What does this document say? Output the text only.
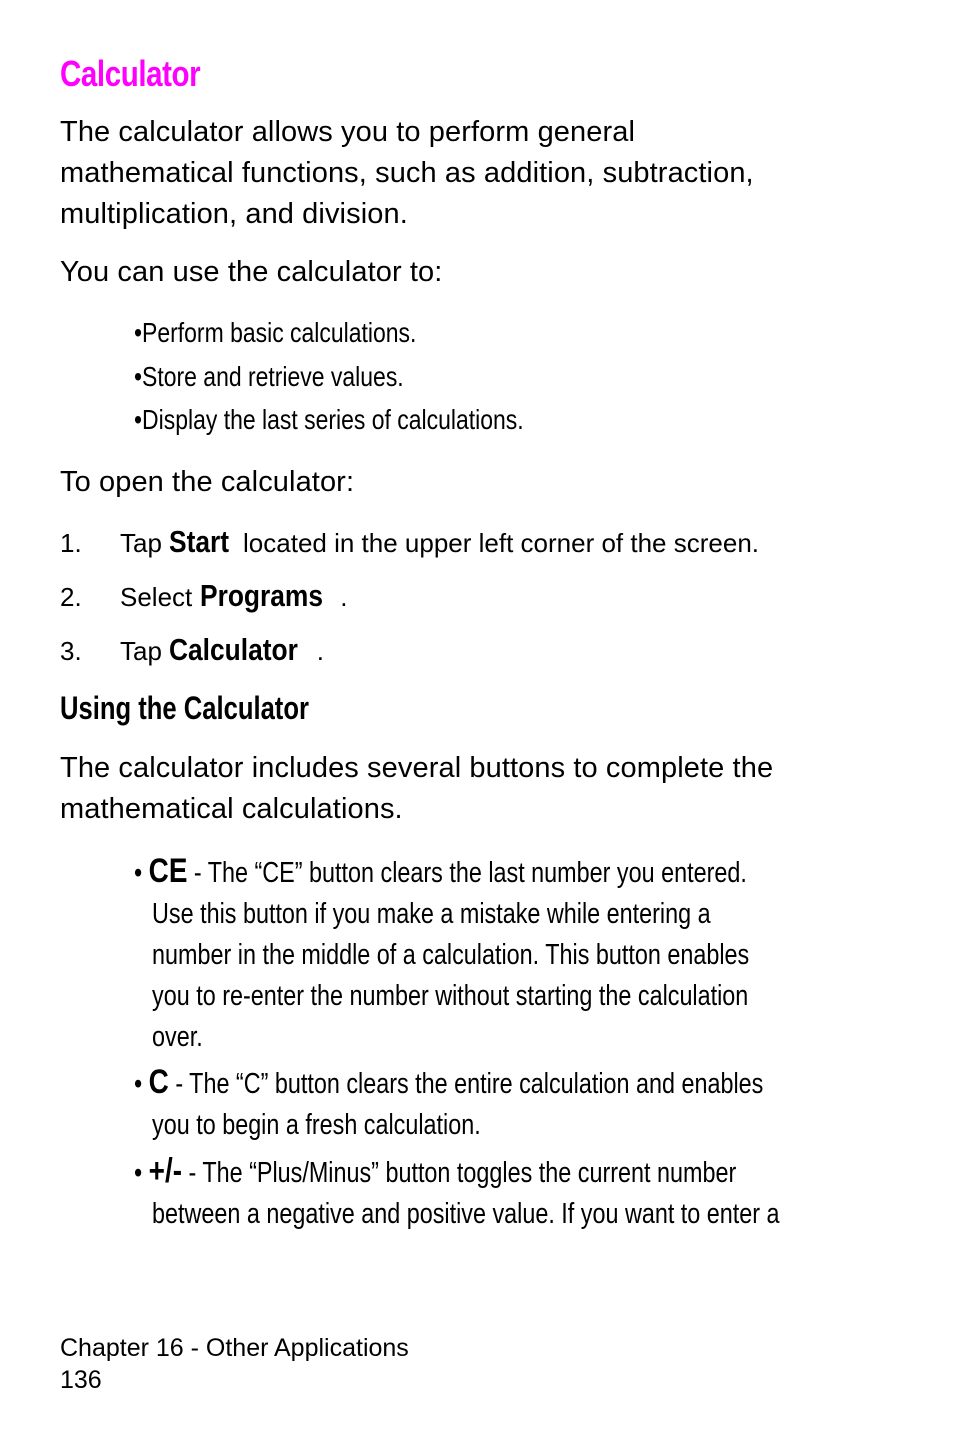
Calculator
The calculator allows you to perform general
mathematical functions, such as addition, subtraction,
multiplication, and division.
You can use the calculator to:
• Perform basic calculations.
• Store and retrieve values.
• Display the last series of calculations.
To open the calculator:
1. Tap Start located in the upper left corner of the screen.
2. Select Programs .
3. Tap Calculator .
Using the Calculator
The calculator includes several buttons to complete the
mathematical calculations.
• CE - The “CE” button clears the last number you entered.
Use this button if you make a mistake while entering a
number in the middle of a calculation. This button enables
you to re-enter the number without starting the calculation
over.
• C - The “C” button clears the entire calculation and enables
you to begin a fresh calculation.
• +/- - The “Plus/Minus” button toggles the current number
between a negative and positive value. If you want to enter a
Chapter 16 - Other Applications
136
